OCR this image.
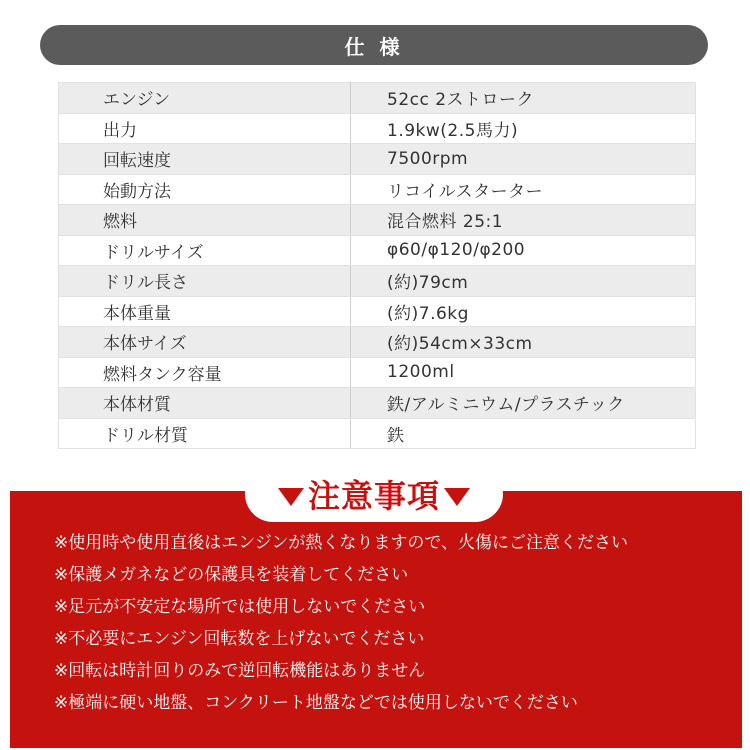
仕 様
エンジン	52cc 2ストローク
出力	1.9kw(2.5馬力)
回転速度	7500rpm
始動方法	リコイルスターター
燃料	混合燃料 25:1
ドリルサイズ	φ60/φ120/φ200
ドリル長さ	(約)79cm
本体重量	(約)7.6kg
本体サイズ	(約)54cm×33cm
燃料タンク容量	1200ml
本体材質	鉄/アルミニウム/プラスチック
ドリル材質	鉄
注意事項
※使用時や使用直後はエンジンが熱くなりますので、火傷にご注意ください
※保護メガネなどの保護具を装着してください
※足元が不安定な場所では使用しないでください
※不必要にエンジン回転数を上げないでください
※回転は時計回りのみで逆回転機能はありません
※極端に硬い地盤、コンクリート地盤などでは使用しないでください
